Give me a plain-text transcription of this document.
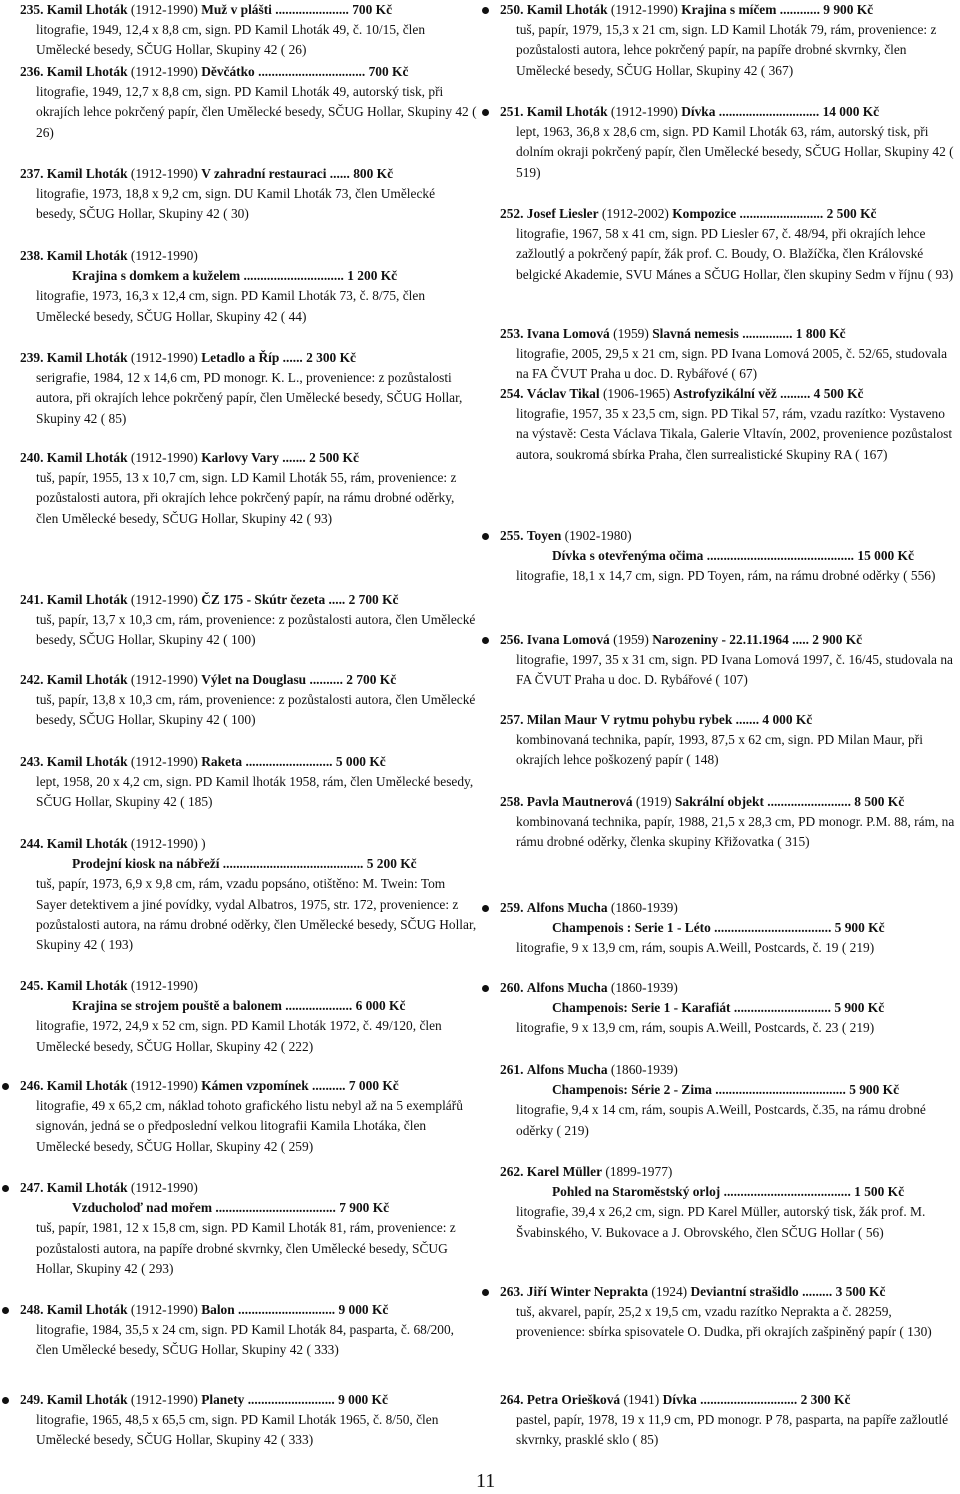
235. Kamil Lhoták (1912-1990) Muž v plášti ...................... 700 Kč
litografie, 1949, 12,4 x 8,8 cm, sign. PD Kamil Lhoták 49, č. 10/15, člen Umělecké besedy, SČUG Hollar, Skupiny 42 ( 26)
236. Kamil Lhoták (1912-1990) Děvčátko ................................ 700 Kč
litografie, 1949, 12,7 x 8,8 cm, sign. PD Kamil Lhoták 49, autorský tisk, při okrajích lehce pokrčený papír, člen Umělecké besedy, SČUG Hollar, Skupiny 42 ( 26)
237. Kamil Lhoták (1912-1990) V zahradní restauraci ...... 800 Kč
litografie, 1973, 18,8 x 9,2 cm, sign. DU Kamil Lhoták 73, člen Umělecké besedy, SČUG Hollar, Skupiny 42 ( 30)
238. Kamil Lhoták (1912-1990)
Krajina s domkem a kuželem .............................. 1 200 Kč
litografie, 1973, 16,3 x 12,4 cm, sign. PD Kamil Lhoták 73, č. 8/75, člen Umělecké besedy, SČUG Hollar, Skupiny 42 ( 44)
239. Kamil Lhoták (1912-1990) Letadlo a Říp ...... 2 300 Kč
serigrafie, 1984, 12 x 14,6 cm, PD monogr. K. L., provenience: z pozůstalosti autora, při okrajích lehce pokrčený papír, člen Umělecké besedy, SČUG Hollar, Skupiny 42 ( 85)
240. Kamil Lhoták (1912-1990) Karlovy Vary ....... 2 500 Kč
tuš, papír, 1955, 13 x 10,7 cm, sign. LD Kamil Lhoták 55, rám, provenience: z pozůstalosti autora, při okrajích lehce pokrčený papír, na rámu drobné oděrky, člen Umělecké besedy, SČUG Hollar, Skupiny 42 ( 93)
241. Kamil Lhoták (1912-1990) ČZ 175 - Skútr čezeta ..... 2 700 Kč
tuš, papír, 13,7 x 10,3 cm, rám, provenience: z pozůstalosti autora, člen Umělecké besedy, SČUG Hollar, Skupiny 42 ( 100)
242. Kamil Lhoták (1912-1990) Výlet na Douglasu .......... 2 700 Kč
tuš, papír, 13,8 x 10,3 cm, rám, provenience: z pozůstalosti autora, člen Umělecké besedy, SČUG Hollar, Skupiny 42 ( 100)
243. Kamil Lhoták (1912-1990) Raketa .......................... 5 000 Kč
lept, 1958, 20 x 4,2 cm, sign. PD Kamil lhoták 1958, rám, člen Umělecké besedy, SČUG Hollar, Skupiny 42 ( 185)
244. Kamil Lhoták (1912-1990) )
Prodejní kiosk na nábřeží .......................................... 5 200 Kč
tuš, papír, 1973, 6,9 x 9,8 cm, rám, vzadu popsáno, otištěno: M. Twein: Tom Sayer detektivem a jiné povídky, vydal Albatros, 1975, str. 172, provenience: z pozůstalosti autora, na rámu drobné oděrky, člen Umělecké besedy, SČUG Hollar, Skupiny 42 ( 193)
245. Kamil Lhoták (1912-1990)
Krajina se strojem pouště a balonem .................... 6 000 Kč
litografie, 1972, 24,9 x 52 cm, sign. PD Kamil Lhoták 1972, č. 49/120, člen Umělecké besedy, SČUG Hollar, Skupiny 42 ( 222)
246. Kamil Lhoták (1912-1990) Kámen vzpomínek .......... 7 000 Kč
litografie, 49 x 65,2 cm, náklad tohoto grafického listu nebyl až na 5 exemplářů signován, jedná se o předposlední velkou litografii Kamila Lhotáka, člen Umělecké besedy, SČUG Hollar, Skupiny 42 ( 259)
247. Kamil Lhoták (1912-1990)
Vzducholoď nad mořem .................................... 7 900 Kč
tuš, papír, 1981, 12 x 15,8 cm, sign. PD Kamil Lhoták 81, rám, provenience: z pozůstalosti autora, na papíře drobné skvrnky, člen Umělecké besedy, SČUG Hollar, Skupiny 42 ( 293)
248. Kamil Lhoták (1912-1990) Balon ............................. 9 000 Kč
litografie, 1984, 35,5 x 24 cm, sign. PD Kamil Lhoták 84, pasparta, č. 68/200, člen Umělecké besedy, SČUG Hollar, Skupiny 42 ( 333)
249. Kamil Lhoták (1912-1990) Planety .......................... 9 000 Kč
litografie, 1965, 48,5 x 65,5 cm, sign. PD Kamil Lhoták 1965, č. 8/50, člen Umělecké besedy, SČUG Hollar, Skupiny 42 ( 333)
250. Kamil Lhoták (1912-1990) Krajina s míčem ............ 9 900 Kč
tuš, papír, 1979, 15,3 x 21 cm, sign. LD Kamil Lhoták 79, rám, provenience: z pozůstalosti autora, lehce pokrčený papír, na papíře drobné skvrnky, člen Umělecké besedy, SČUG Hollar, Skupiny 42 ( 367)
251. Kamil Lhoták (1912-1990) Dívka .............................. 14 000 Kč
lept, 1963, 36,8 x 28,6 cm, sign. PD Kamil Lhoták 63, rám, autorský tisk, při dolním okraji pokrčený papír, člen Umělecké besedy, SČUG Hollar, Skupiny 42 ( 519)
252. Josef Liesler (1912-2002) Kompozice ......................... 2 500 Kč
litografie, 1967, 58 x 41 cm, sign. PD Liesler 67, č. 48/94, při okrajích lehce zažloutlý a pokrčený papír, žák prof. C. Boudy, O. Blažíčka, člen Královské belgické Akademie, SVU Mánes a SČUG Hollar, člen skupiny Sedm v říjnu ( 93)
253. Ivana Lomová (1959) Slavná nemesis ............... 1 800 Kč
litografie, 2005, 29,5 x 21 cm, sign. PD Ivana Lomová 2005, č. 52/65, studovala na FA ČVUT Praha u doc. D. Rybářové ( 67)
254. Václav Tikal (1906-1965) Astrofyzikální věž ......... 4 500 Kč
litografie, 1957, 35 x 23,5 cm, sign. PD Tikal 57, rám, vzadu razítko: Vystaveno na výstavě: Cesta Václava Tikala, Galerie Vltavín, 2002, provenience pozůstalost autora, soukromá sbírka Praha, člen surrealistické Skupiny RA ( 167)
255. Toyen (1902-1980)
Dívka s otevřenýma očima ............................................ 15 000 Kč
litografie, 18,1 x 14,7 cm, sign. PD Toyen, rám, na rámu drobné oděrky ( 556)
256. Ivana Lomová (1959) Narozeniny - 22.11.1964 ..... 2 900 Kč
litografie, 1997, 35 x 31 cm, sign. PD Ivana Lomová 1997, č. 16/45, studovala na FA ČVUT Praha u doc. D. Rybářové ( 107)
257. Milan Maur V rytmu pohybu rybek ....... 4 000 Kč
kombinovaná technika, papír, 1993, 87,5 x 62 cm, sign. PD Milan Maur, při okrajích lehce poškozený papír ( 148)
258. Pavla Mautnerová (1919) Sakrální objekt ......................... 8 500 Kč
kombinovaná technika, papír, 1988, 21,5 x 28,3 cm, PD monogr. P.M. 88, rám, na rámu drobné oděrky, členka skupiny Křižovatka ( 315)
259. Alfons Mucha (1860-1939)
Champenois : Serie 1 - Léto ................................... 5 900 Kč
litografie, 9 x 13,9 cm, rám, soupis A.Weill, Postcards, č. 19 ( 219)
260. Alfons Mucha (1860-1939)
Champenois: Serie 1 - Karafiát ............................. 5 900 Kč
litografie, 9 x 13,9 cm, rám, soupis A.Weill, Postcards, č. 23 ( 219)
261. Alfons Mucha (1860-1939)
Champenois: Série 2 - Zima ....................................... 5 900 Kč
litografie, 9,4 x 14 cm, rám, soupis A.Weill, Postcards, č.35, na rámu drobné oděrky ( 219)
262. Karel Müller (1899-1977)
Pohled na Staroměstský orloj ...................................... 1 500 Kč
litografie, 39,4 x 26,2 cm, sign. PD Karel Müller, autorský tisk, žák prof. M. Švabinského, V. Bukovace a J. Obrovského, člen SČUG Hollar ( 56)
263. Jiří Winter Neprakta (1924) Deviantní strašidlo ......... 3 500 Kč
tuš, akvarel, papír, 25,2 x 19,5 cm, vzadu razítko Neprakta a č. 28259, provenience: sbírka spisovatele O. Dudka, při okrajích zašpiněný papír ( 130)
264. Petra Oriešková (1941) Dívka ............................. 2 300 Kč
pastel, papír, 1978, 19 x 11,9 cm, PD monogr. P 78, pasparta, na papíře zažloutlé skvrnky, prasklé sklo ( 85)
11
